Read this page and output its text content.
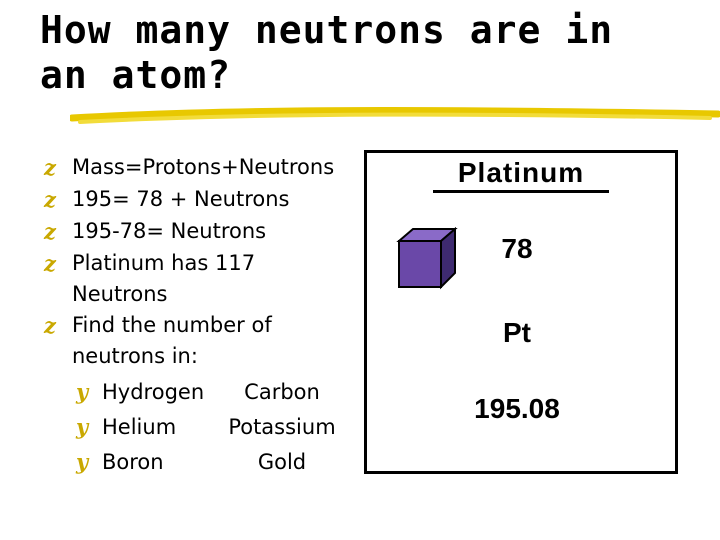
How many neutrons are in
an atom?
z Mass=Protons+Neutrons
z 195= 78 + Neutrons
z 195-78= Neutrons
z Platinum has 117 Neutrons
z Find the number of neutrons in:
y Hydrogen	Carbon
y Helium	Potassium
y Boron	Gold
Platinum
78
Pt
195.08
